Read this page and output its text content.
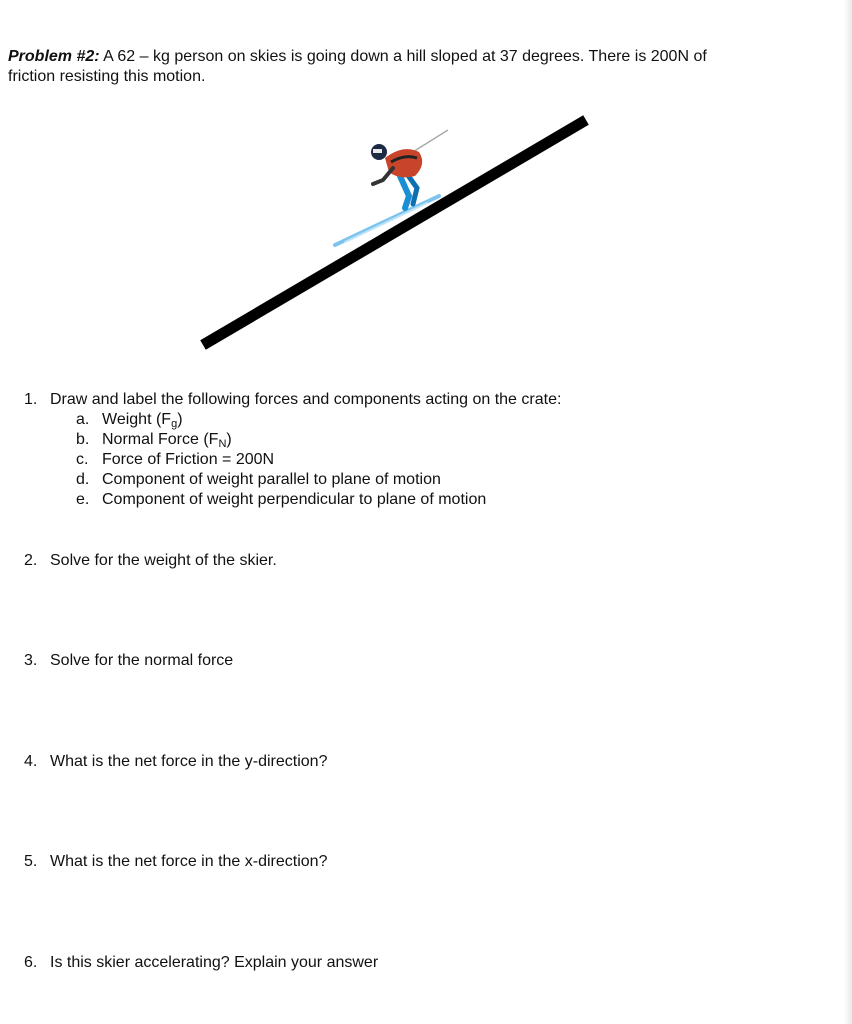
Problem #2: A 62 – kg person on skies is going down a hill sloped at 37 degrees. There is 200N of
friction resisting this motion.
1. Draw and label the following forces and components acting on the crate:
a. Weight $(F_g)$
b. Normal Force $(F_N)$
c. Force of Friction = 200N
d. Component of weight parallel to plane of motion
e. Component of weight perpendicular to plane of motion
2. Solve for the weight of the skier.
3. Solve for the normal force
4. What is the net force in the y-direction?
5. What is the net force in the x-direction?
6. Is this skier accelerating? Explain your answer
